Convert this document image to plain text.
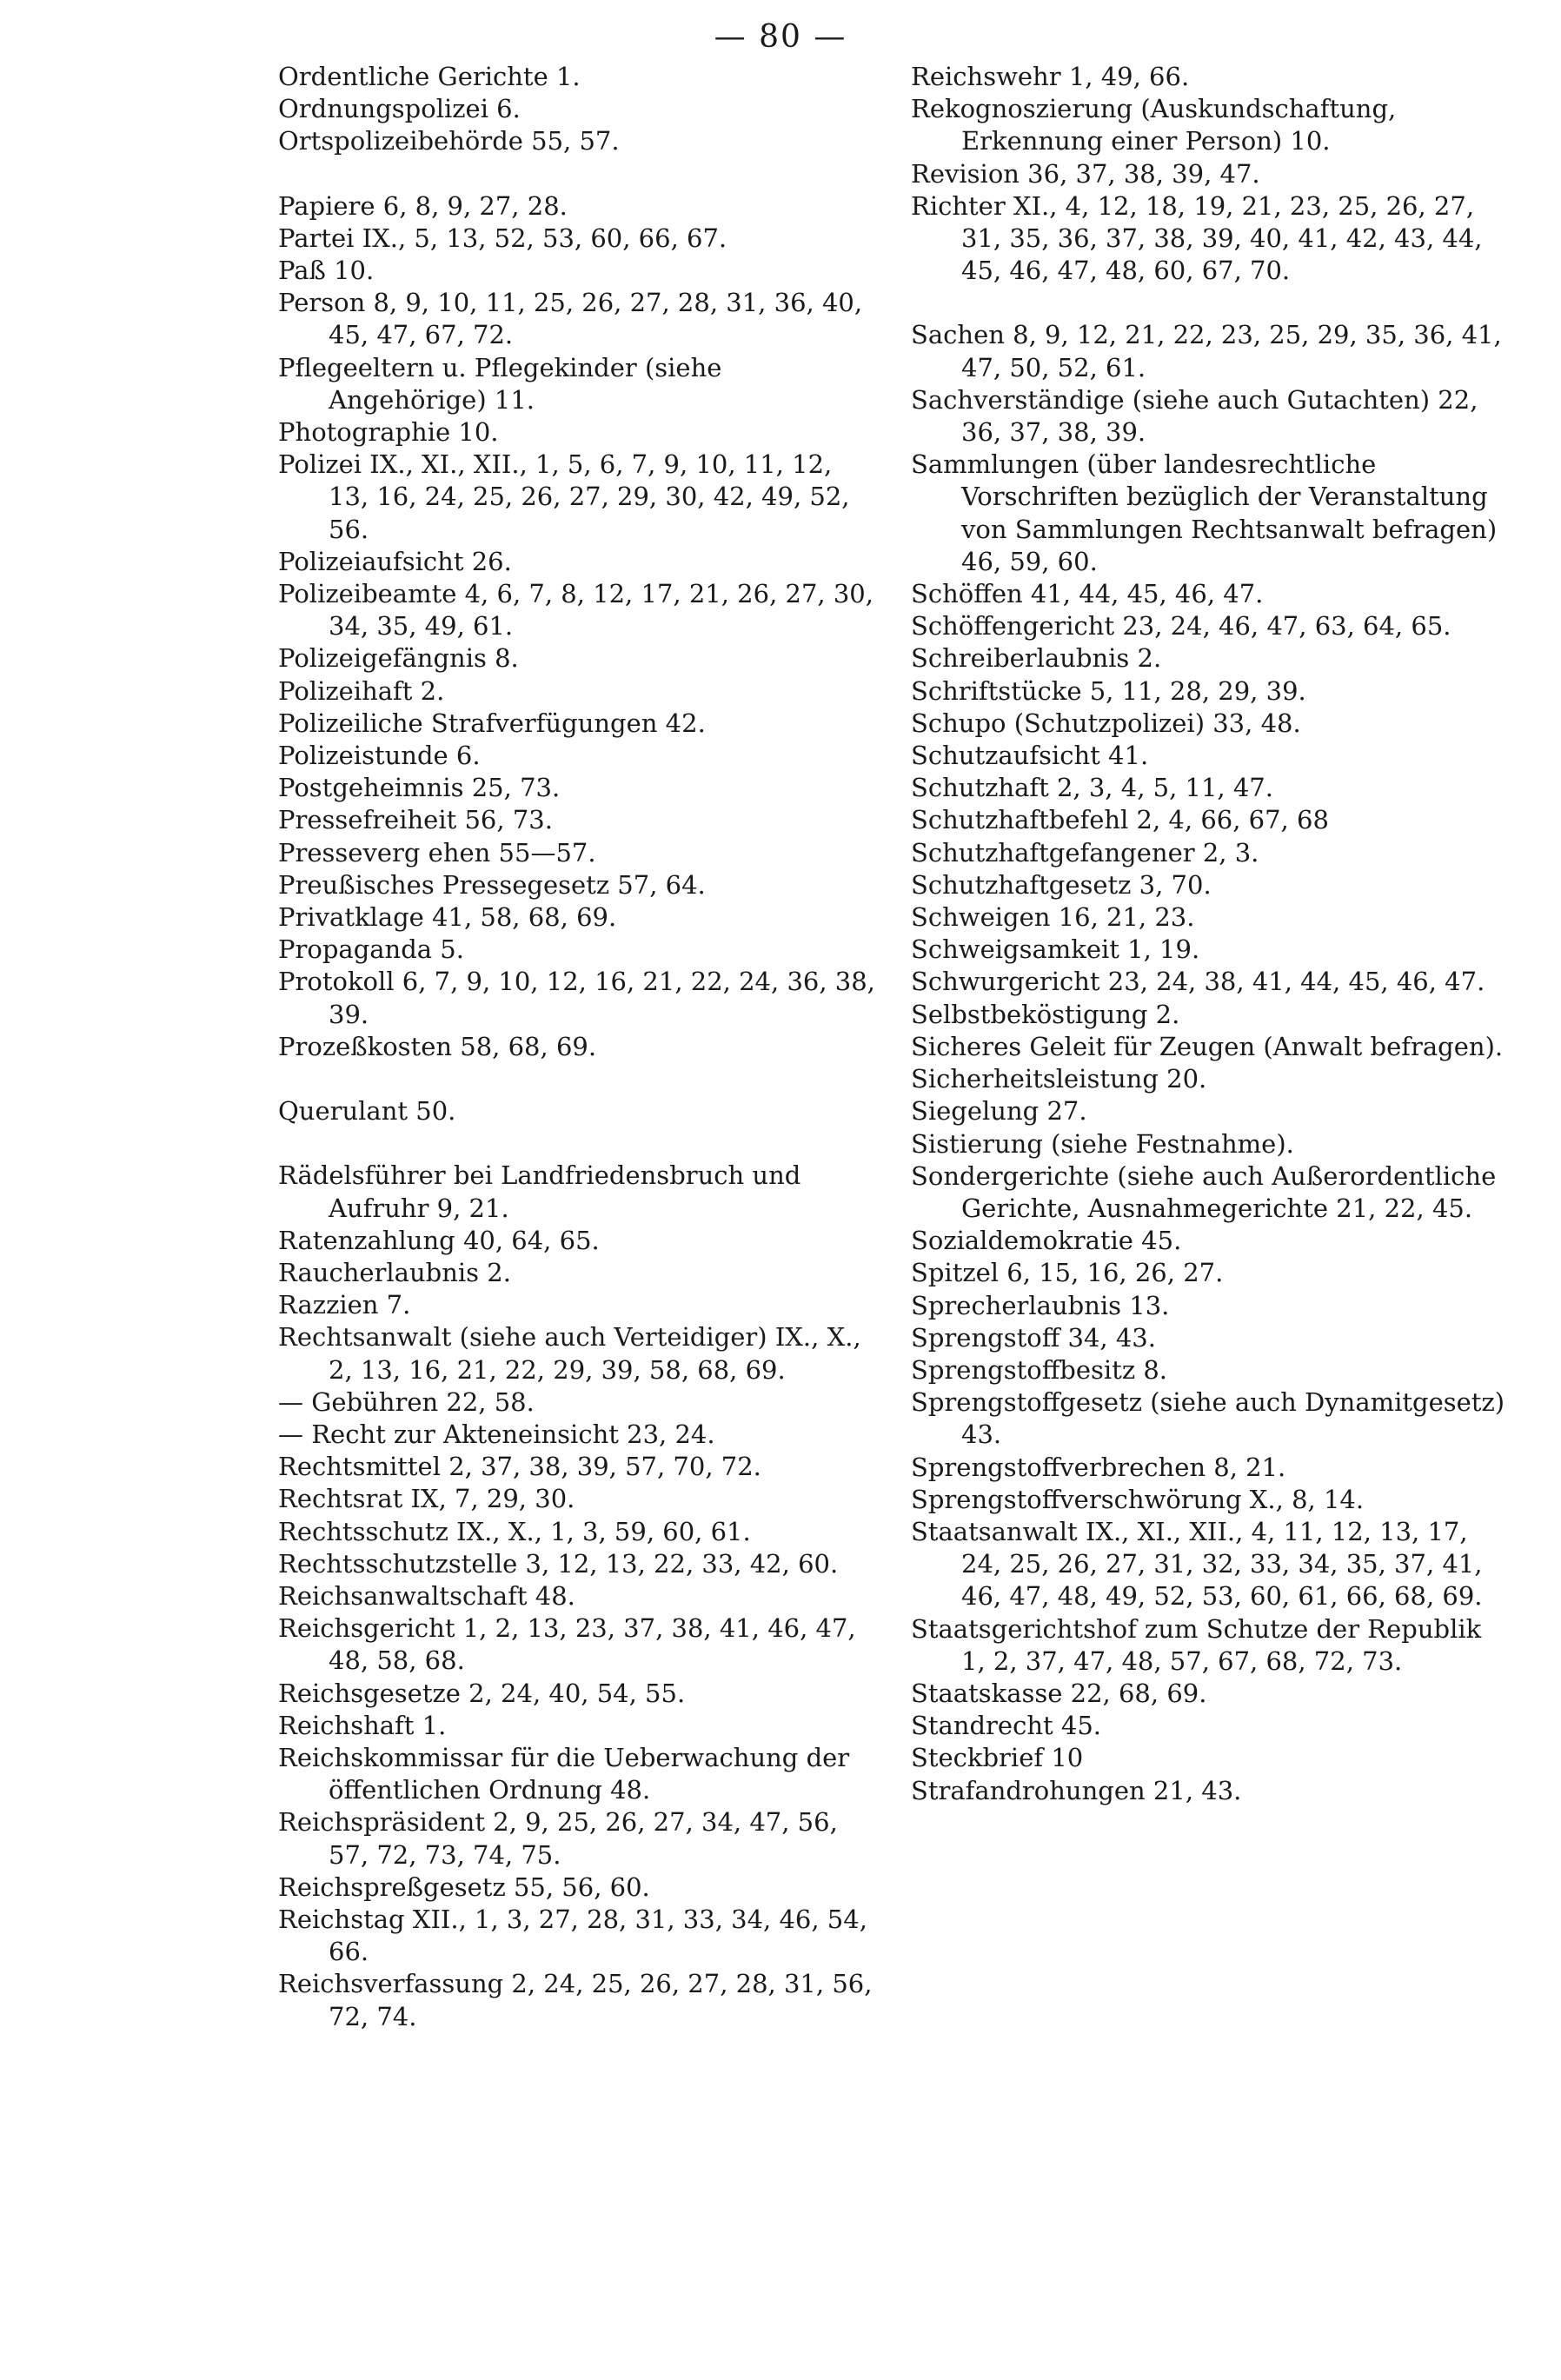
— 80 —

Ordentliche Gerichte 1.

Ordnungspolizei 6.

Ortspolizeibehörde 55, 57.

Papiere 6, 8, 9, 27, 28.

Partei IX., 5, 13, 52, 53, 60, 66, 67.

Paß 10.

Person 8, 9, 10, 11, 25, 26, 27, 28, 31, 36, 40, 45, 47, 67, 72.

Pflegeeltern u. Pflegekinder (siehe Angehörige) 11.

Photographie 10.

Polizei IX., XI., XII., 1, 5, 6, 7, 9, 10, 11, 12, 13, 16, 24, 25, 26, 27, 29, 30, 42, 49, 52, 56.

Polizeiaufsicht 26.

Polizeibeamte 4, 6, 7, 8, 12, 17, 21, 26, 27, 30, 34, 35, 49, 61.

Polizeigefängnis 8.

Polizeihaft 2.

Polizeiliche Strafverfügungen 42.

Polizeistunde 6.

Postgeheimnis 25, 73.

Pressefreiheit 56, 73.

Presseverg ehen 55—57.

Preußisches Pressegesetz 57, 64.

Privatklage 41, 58, 68, 69.

Propaganda 5.

Protokoll 6, 7, 9, 10, 12, 16, 21, 22, 24, 36, 38, 39.

Prozeßkosten 58, 68, 69.

Querulant 50.

Rädelsführer bei Landfriedensbruch und Aufruhr 9, 21.

Ratenzahlung 40, 64, 65.

Raucherlaubnis 2.

Razzien 7.

Rechtsanwalt (siehe auch Verteidiger) IX., X., 2, 13, 16, 21, 22, 29, 39, 58, 68, 69.

— Gebühren 22, 58.

— Recht zur Akteneinsicht 23, 24.

Rechtsmittel 2, 37, 38, 39, 57, 70, 72.

Rechtsrat IX, 7, 29, 30.

Rechtsschutz IX., X., 1, 3, 59, 60, 61.

Rechtsschutzstelle 3, 12, 13, 22, 33, 42, 60.

Reichsanwaltschaft 48.

Reichsgericht 1, 2, 13, 23, 37, 38, 41, 46, 47, 48, 58, 68.

Reichsgesetze 2, 24, 40, 54, 55.

Reichshaft 1.

Reichskommissar für die Ueberwachung der öffentlichen Ordnung 48.

Reichspräsident 2, 9, 25, 26, 27, 34, 47, 56, 57, 72, 73, 74, 75.

Reichspreßgesetz 55, 56, 60.

Reichstag XII., 1, 3, 27, 28, 31, 33, 34, 46, 54, 66.

Reichsverfassung 2, 24, 25, 26, 27, 28, 31, 56, 72, 74.

Reichswehr 1, 49, 66.

Rekognoszierung (Auskundschaftung, Erkennung einer Person) 10.

Revision 36, 37, 38, 39, 47.

Richter XI., 4, 12, 18, 19, 21, 23, 25, 26, 27, 31, 35, 36, 37, 38, 39, 40, 41, 42, 43, 44, 45, 46, 47, 48, 60, 67, 70.

Sachen 8, 9, 12, 21, 22, 23, 25, 29, 35, 36, 41, 47, 50, 52, 61.

Sachverständige (siehe auch Gutachten) 22, 36, 37, 38, 39.

Sammlungen (über landesrechtliche Vorschriften bezüglich der Veranstaltung von Sammlungen Rechtsanwalt befragen) 46, 59, 60.

Schöffen 41, 44, 45, 46, 47.

Schöffengericht 23, 24, 46, 47, 63, 64, 65.

Schreiberlaubnis 2.

Schriftstücke 5, 11, 28, 29, 39.

Schupo (Schutzpolizei) 33, 48.

Schutzaufsicht 41.

Schutzhaft 2, 3, 4, 5, 11, 47.

Schutzhaftbefehl 2, 4, 66, 67, 68

Schutzhaftgefangener 2, 3.

Schutzhaftgesetz 3, 70.

Schweigen 16, 21, 23.

Schweigsamkeit 1, 19.

Schwurgericht 23, 24, 38, 41, 44, 45, 46, 47.

Selbstbeköstigung 2.

Sicheres Geleit für Zeugen (Anwalt befragen).

Sicherheitsleistung 20.

Siegelung 27.

Sistierung (siehe Festnahme).

Sondergerichte (siehe auch Außerordentliche Gerichte, Ausnahmegerichte 21, 22, 45.

Sozialdemokratie 45.

Spitzel 6, 15, 16, 26, 27.

Sprecherlaubnis 13.

Sprengstoff 34, 43.

Sprengstoffbesitz 8.

Sprengstoffgesetz (siehe auch Dynamitgesetz) 43.

Sprengstoffverbrechen 8, 21.

Sprengstoffverschwörung X., 8, 14.

Staatsanwalt IX., XI., XII., 4, 11, 12, 13, 17, 24, 25, 26, 27, 31, 32, 33, 34, 35, 37, 41, 46, 47, 48, 49, 52, 53, 60, 61, 66, 68, 69.

Staatsgerichtshof zum Schutze der Republik 1, 2, 37, 47, 48, 57, 67, 68, 72, 73.

Staatskasse 22, 68, 69.

Standrecht 45.

Steckbrief 10

Strafandrohungen 21, 43.
